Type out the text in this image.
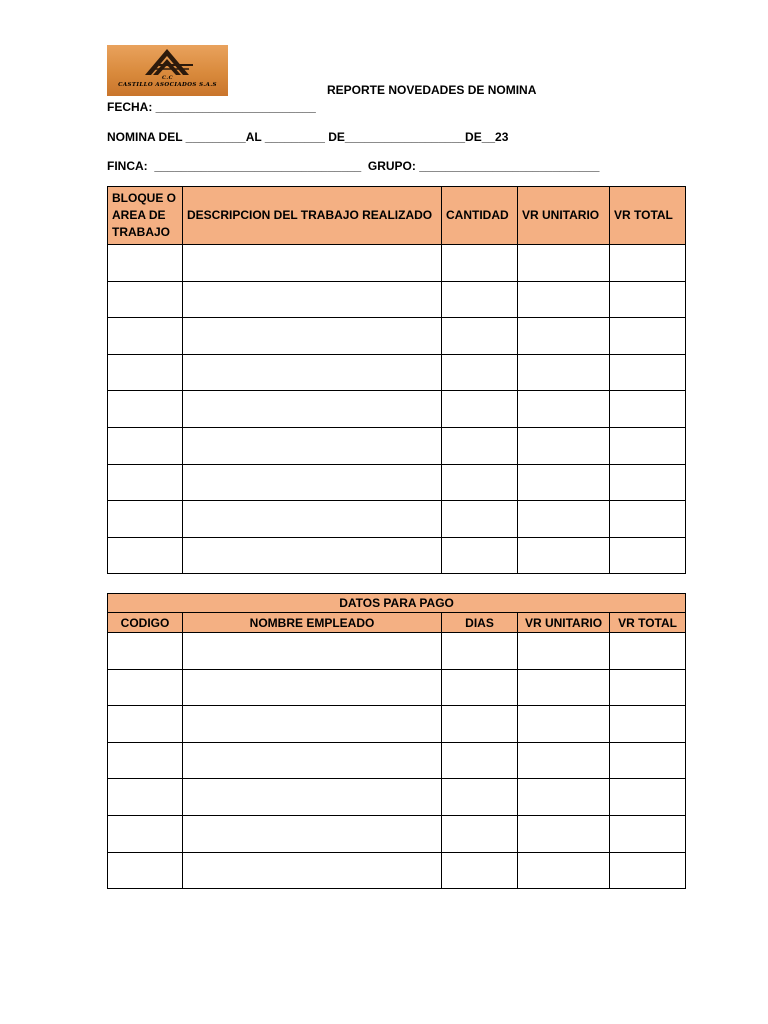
C.C
CASTILLO ASOCIADOS S.A.S	REPORTE NOVEDADES DE NOMINA
FECHA: ________________________
NOMINA DEL _________AL _________ DE__________________DE__23
FINCA:  _______________________________  GRUPO: ___________________________
BLOQUE O
AREA DE
TRABAJO	DESCRIPCION DEL TRABAJO REALIZADO	CANTIDAD	VR UNITARIO	VR TOTAL

DATOS PARA PAGO				
CODIGO	NOMBRE EMPLEADO	DIAS	VR UNITARIO	VR TOTAL
